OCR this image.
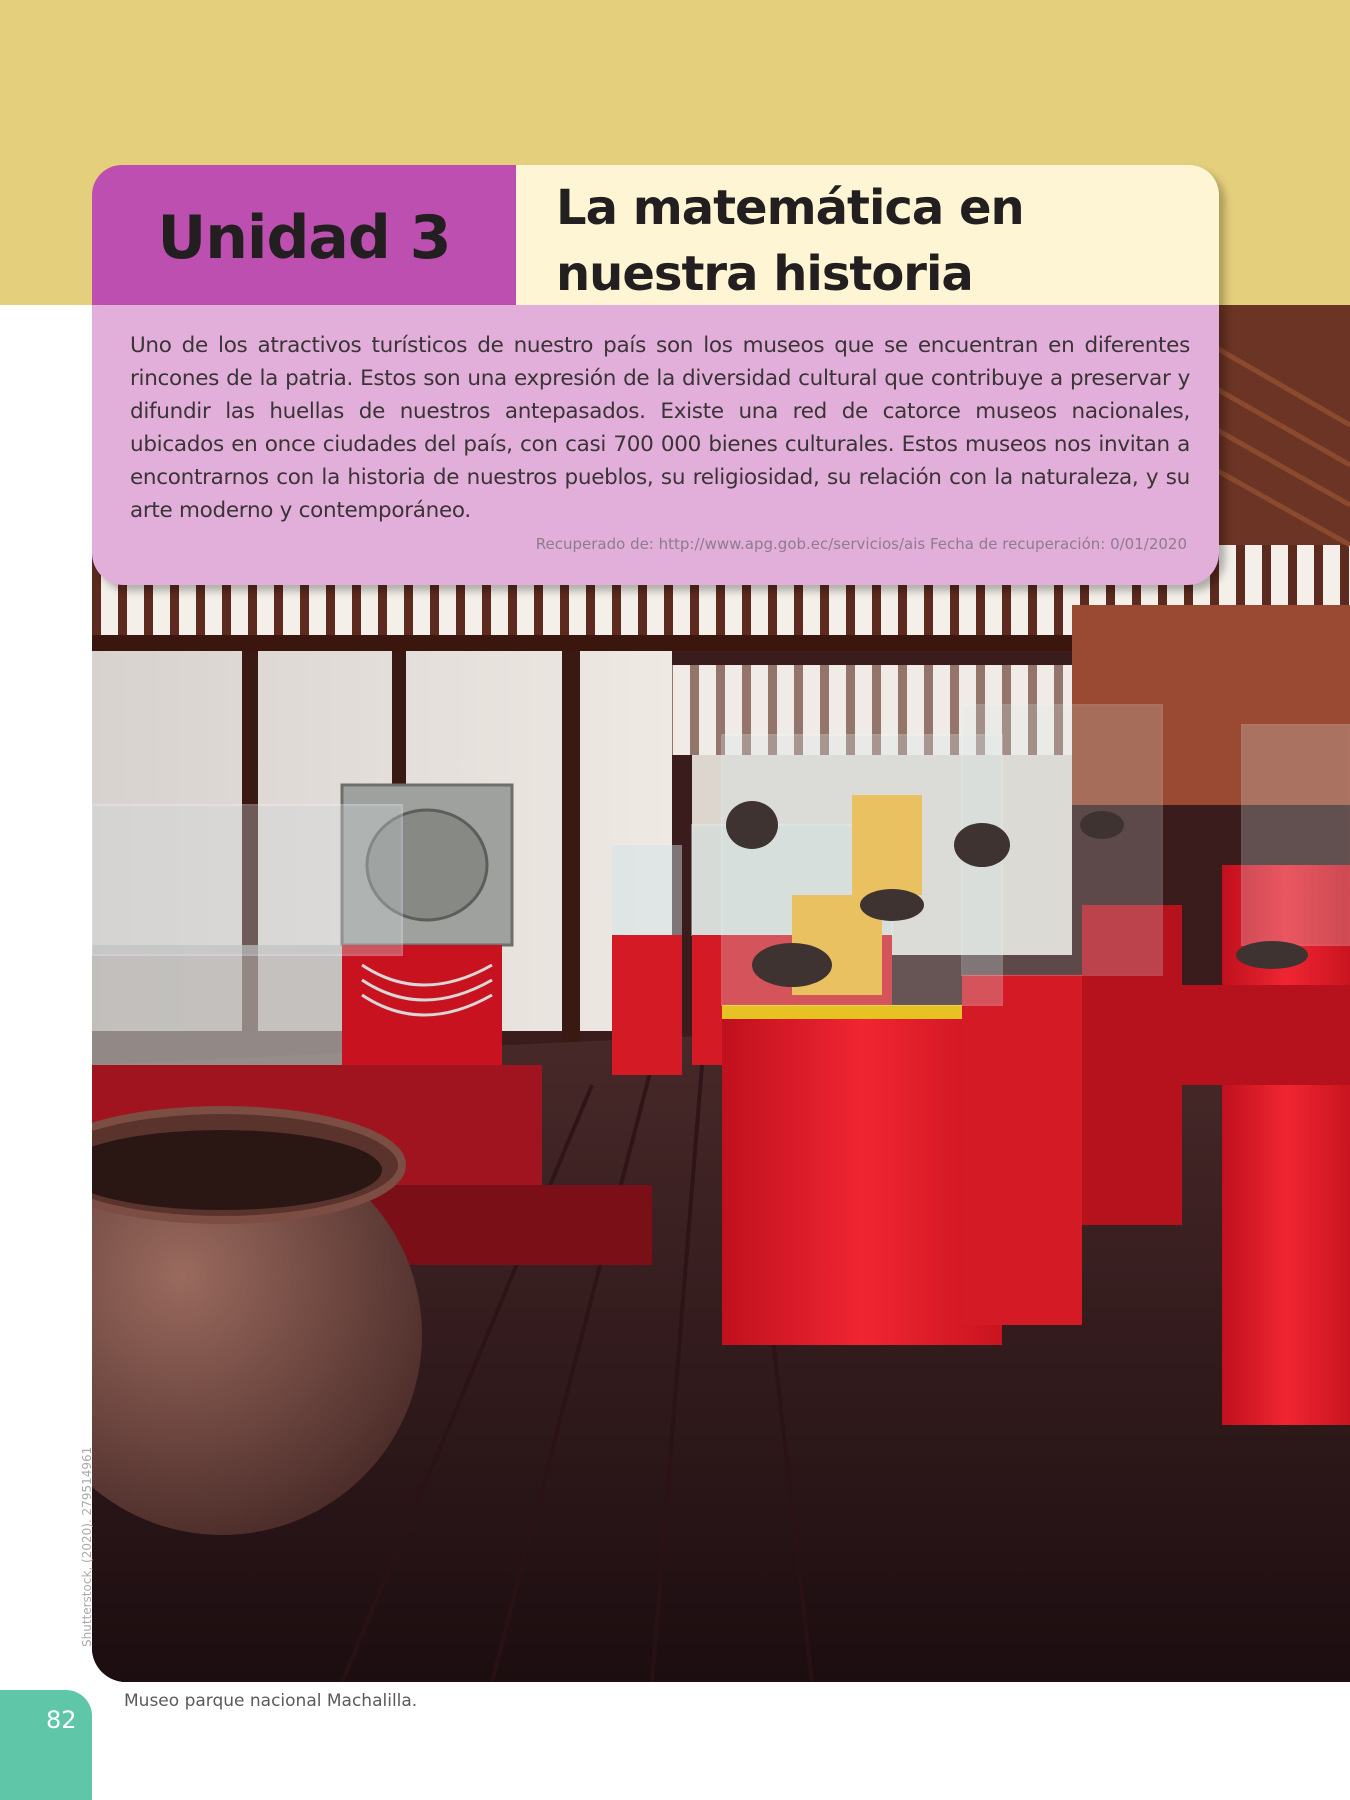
Unidad 3 La matemática en
nuestra historia

Uno de los atractivos turísticos de nuestro país son los museos que se encuentran en diferentes rincones de la patria. Estos son una expresión de la diversidad cultural que contribuye a preservar y difundir las huellas de nuestros antepasados. Existe una red de catorce museos nacionales, ubicados en once ciudades del país, con casi 700 000 bienes culturales. Estos museos nos invitan a encontrarnos con la historia de nuestros pueblos, su religiosidad, su relación con la naturaleza, y su arte moderno y contemporáneo.

Recuperado de: http://www.apg.gob.ec/servicios/ais Fecha de recuperación: 0/01/2020
Shutterstock, (2020). 279514961
82
Museo parque nacional Machalilla.
